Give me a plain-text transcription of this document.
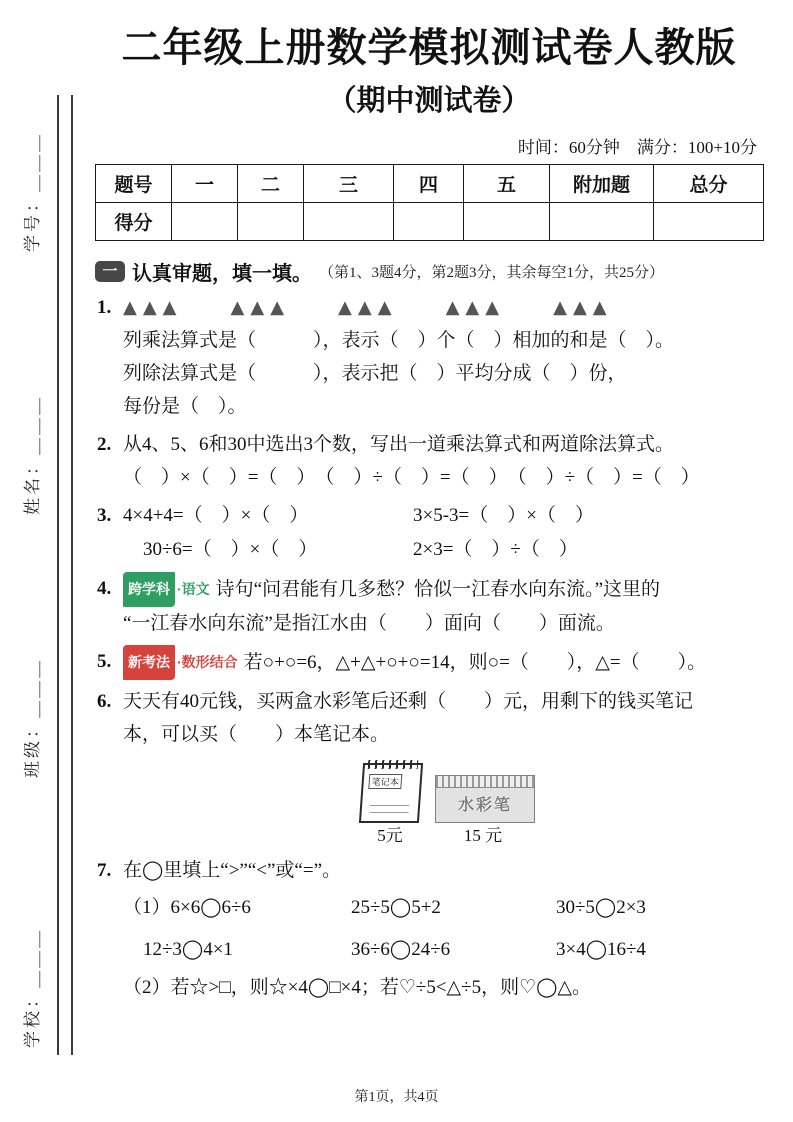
学号：＿＿＿
姓名：＿＿＿
班级：＿＿＿
学校：＿＿＿
二年级上册数学模拟测试卷人教版
（期中测试卷）
时间：60分钟　满分：100+10分
题号	一	二	三	四	五	附加题	总分
得分							
一 认真审题，填一填。 （第1、3题4分，第2题3分，其余每空1分，共25分）
1. ▲▲▲　　▲▲▲　　▲▲▲　　▲▲▲　　▲▲▲
列乘法算式是（　　　），表示（　）个（　）相加的和是（　）。
列除法算式是（　　　），表示把（　）平均分成（　）份，
每份是（　）。
2. 从4、5、6和30中选出3个数，写出一道乘法算式和两道除法算式。
（　）×（　）=（　）　（　）÷（　）=（　）　（　）÷（　）=（　）
3. 4×4+4=（　）×（　）	3×5-3=（　）×（　）
30÷6=（　）×（　）	2×3=（　）÷（　）
4.	跨学科 ·语文 诗句“问君能有几多愁？恰似一江春水向东流。”这里的
“一江春水向东流”是指江水由（　　）面向（　　）面流。
5.	新考法 ·数形结合 若○+○=6，△+△+○+○=14，则○=（　　），△=（　　）。
6. 天天有40元钱，买两盒水彩笔后还剩（　　）元，用剩下的钱买笔记
本，可以买（　　）本笔记本。
笔记本
水彩笔
5元	15 元
7. 在◯里填上“>”“<”或“=”。
（1）6×6◯6÷6	25÷5◯5+2	30÷5◯2×3
12÷3◯4×1	36÷6◯24÷6	3×4◯16÷4
（2）若☆>□，则☆×4◯□×4；若♡÷5<△÷5，则♡◯△。
第1页，共4页
